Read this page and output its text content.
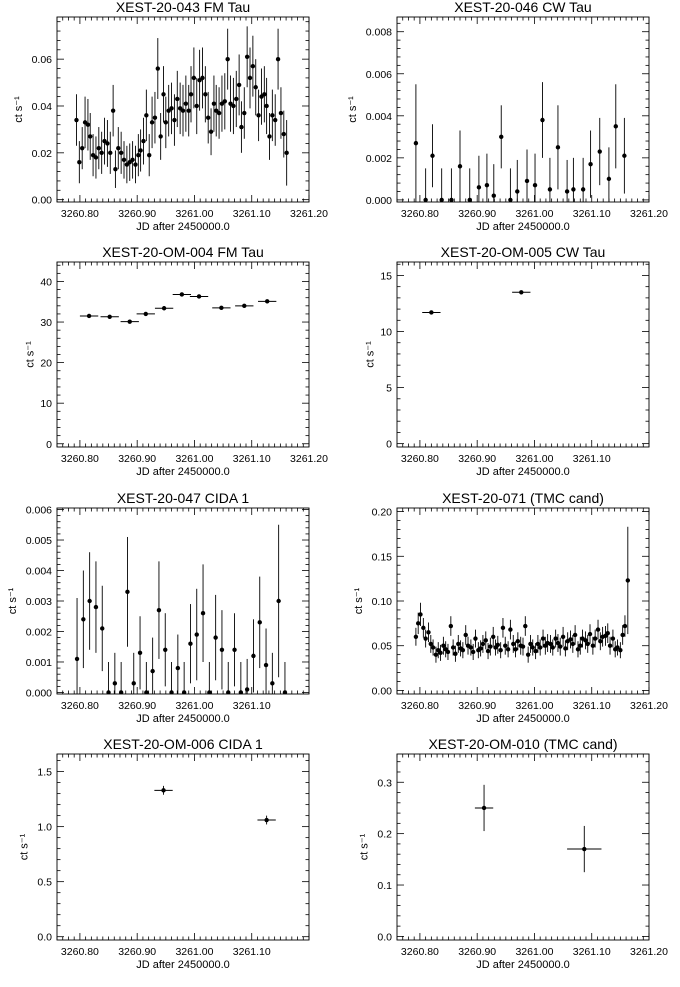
XEST-20-043 FM Tau
3260.80 3260.90 3261.00 3261.10 3261.20
0.00
0.02
0.04
0.06
JD after 2450000.0
ct s⁻¹
XEST-20-046 CW Tau
3260.80 3260.90 3261.00 3261.10 3261.20
0.000
0.002
0.004
0.006
0.008
JD after 2450000.0
ct s⁻¹
XEST-20-OM-004 FM Tau
3260.80 3260.90 3261.00 3261.10 3261.20
0
10
20
30
40
JD after 2450000.0
ct s⁻¹
XEST-20-OM-005 CW Tau
3260.80 3260.90 3261.00 3261.10
0
5
10
15
JD after 2450000.0
ct s⁻¹
XEST-20-047 CIDA 1
3260.80 3260.90 3261.00 3261.10
0.000
0.001
0.002
0.003
0.004
0.005
0.006
JD after 2450000.0
ct s⁻¹
XEST-20-071 (TMC cand)
3260.80 3260.90 3261.00 3261.10 3261.20
0.00
0.05
0.10
0.15
0.20
JD after 2450000.0
ct s⁻¹
XEST-20-OM-006 CIDA 1
3260.80 3260.90 3261.00 3261.10
0.0
0.5
1.0
1.5
JD after 2450000.0
ct s⁻¹
XEST-20-OM-010 (TMC cand)
3260.80 3260.90 3261.00 3261.10 3261.20
0.0
0.1
0.2
0.3
JD after 2450000.0
ct s⁻¹
